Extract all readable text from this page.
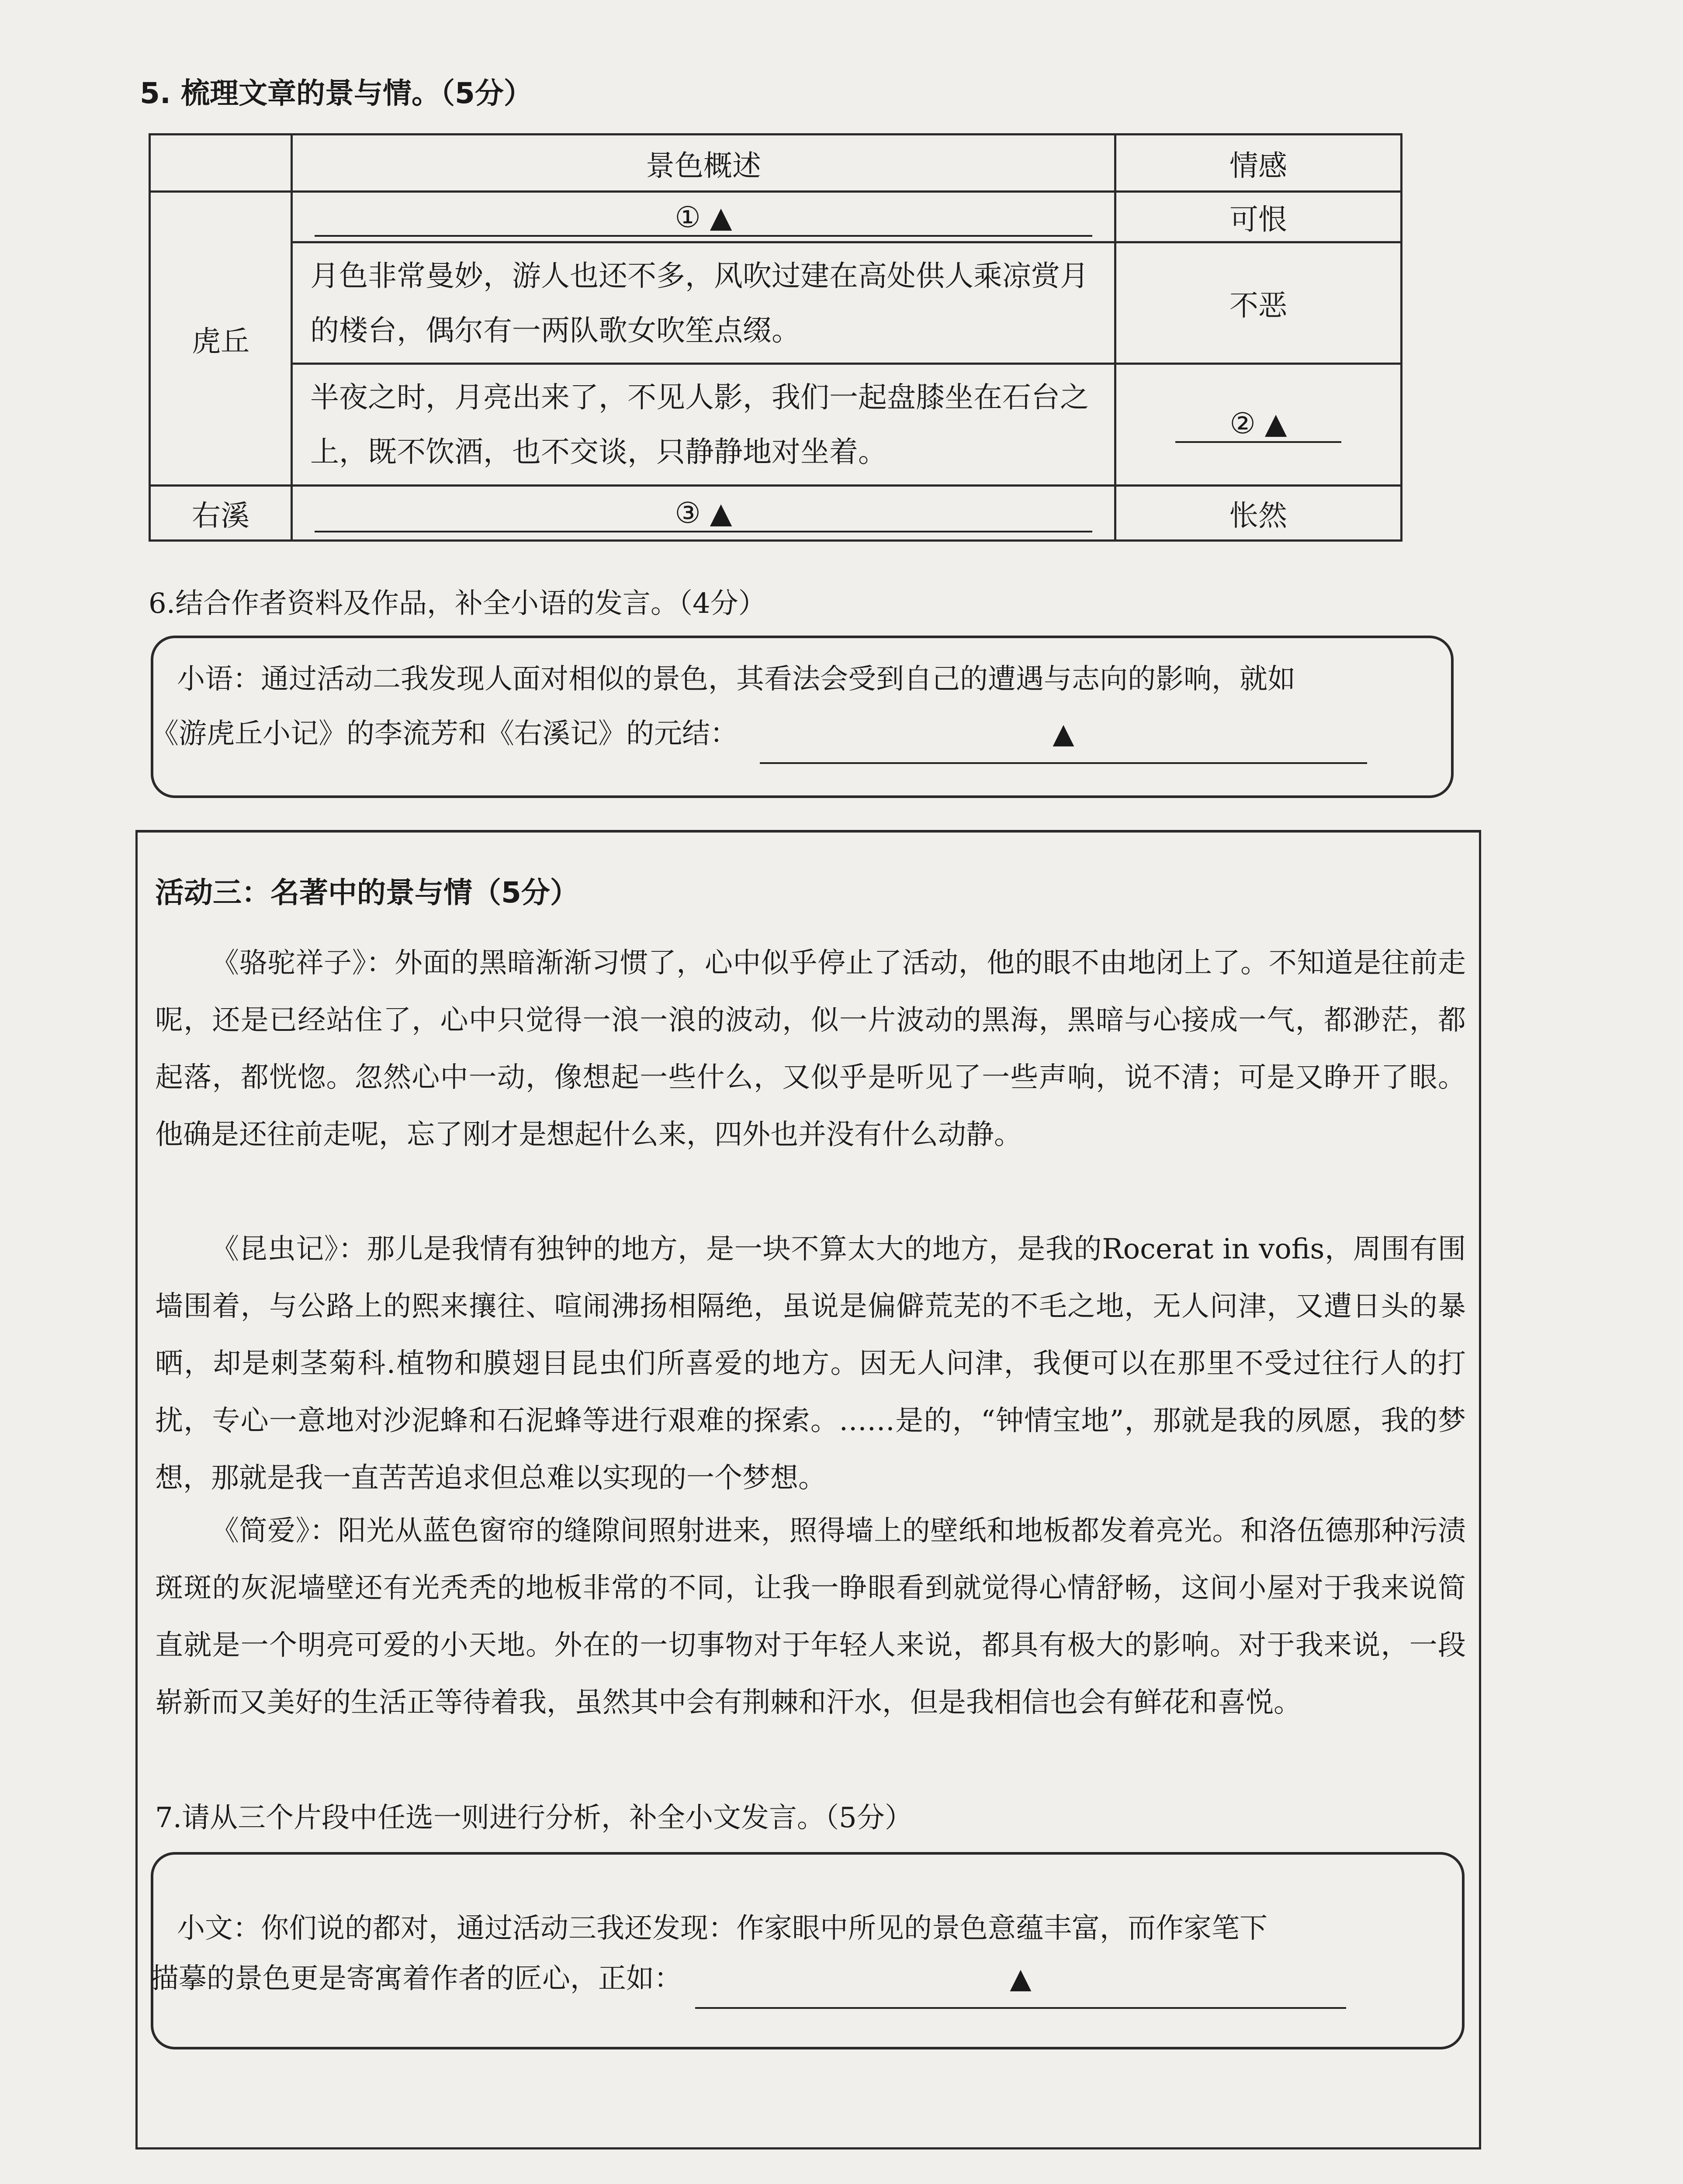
5. 梳理文章的景与情。（5分）
	景色概述	情感
虎丘	① ▲	可恨
	月色非常曼妙，游人也还不多，风吹过建在高处供人乘凉赏月的楼台，偶尔有一两队歌女吹笙点缀。	不恶
	半夜之时，月亮出来了，不见人影，我们一起盘膝坐在石台之上，既不饮酒，也不交谈，只静静地对坐着。	② ▲
右溪	③ ▲	怅然
6.结合作者资料及作品，补全小语的发言。（4分）
小语：通过活动二我发现人面对相似的景色，其看法会受到自己的遭遇与志向的影响，就如
《游虎丘小记》的李流芳和《右溪记》的元结：	▲
活动三：名著中的景与情（5分）

《骆驼祥子》：外面的黑暗渐渐习惯了，心中似乎停止了活动，他的眼不由地闭上了。不知道是往前走呢，还是已经站住了，心中只觉得一浪一浪的波动，似一片波动的黑海，黑暗与心接成一气，都渺茫，都起落，都恍惚。忽然心中一动，像想起一些什么，又似乎是听见了一些声响，说不清；可是又睁开了眼。他确是还往前走呢，忘了刚才是想起什么来，四外也并没有什么动静。

《昆虫记》：那儿是我情有独钟的地方，是一块不算太大的地方，是我的Rocerat in vofis，周围有围墙围着，与公路上的熙来攘往、喧闹沸扬相隔绝，虽说是偏僻荒芜的不毛之地，无人问津，又遭日头的暴晒，却是刺茎菊科.植物和膜翅目昆虫们所喜爱的地方。因无人问津，我便可以在那里不受过往行人的打扰，专心一意地对沙泥蜂和石泥蜂等进行艰难的探索。……是的，“钟情宝地”，那就是我的夙愿，我的梦想，那就是我一直苦苦追求但总难以实现的一个梦想。

《简爱》：阳光从蓝色窗帘的缝隙间照射进来，照得墙上的壁纸和地板都发着亮光。和洛伍德那种污渍斑斑的灰泥墙壁还有光秃秃的地板非常的不同，让我一睁眼看到就觉得心情舒畅，这间小屋对于我来说简直就是一个明亮可爱的小天地。外在的一切事物对于年轻人来说，都具有极大的影响。对于我来说，一段崭新而又美好的生活正等待着我，虽然其中会有荆棘和汗水，但是我相信也会有鲜花和喜悦。

7.请从三个片段中任选一则进行分析，补全小文发言。（5分）
小文：你们说的都对，通过活动三我还发现：作家眼中所见的景色意蕴丰富，而作家笔下
描摹的景色更是寄寓着作者的匠心，正如：	▲
